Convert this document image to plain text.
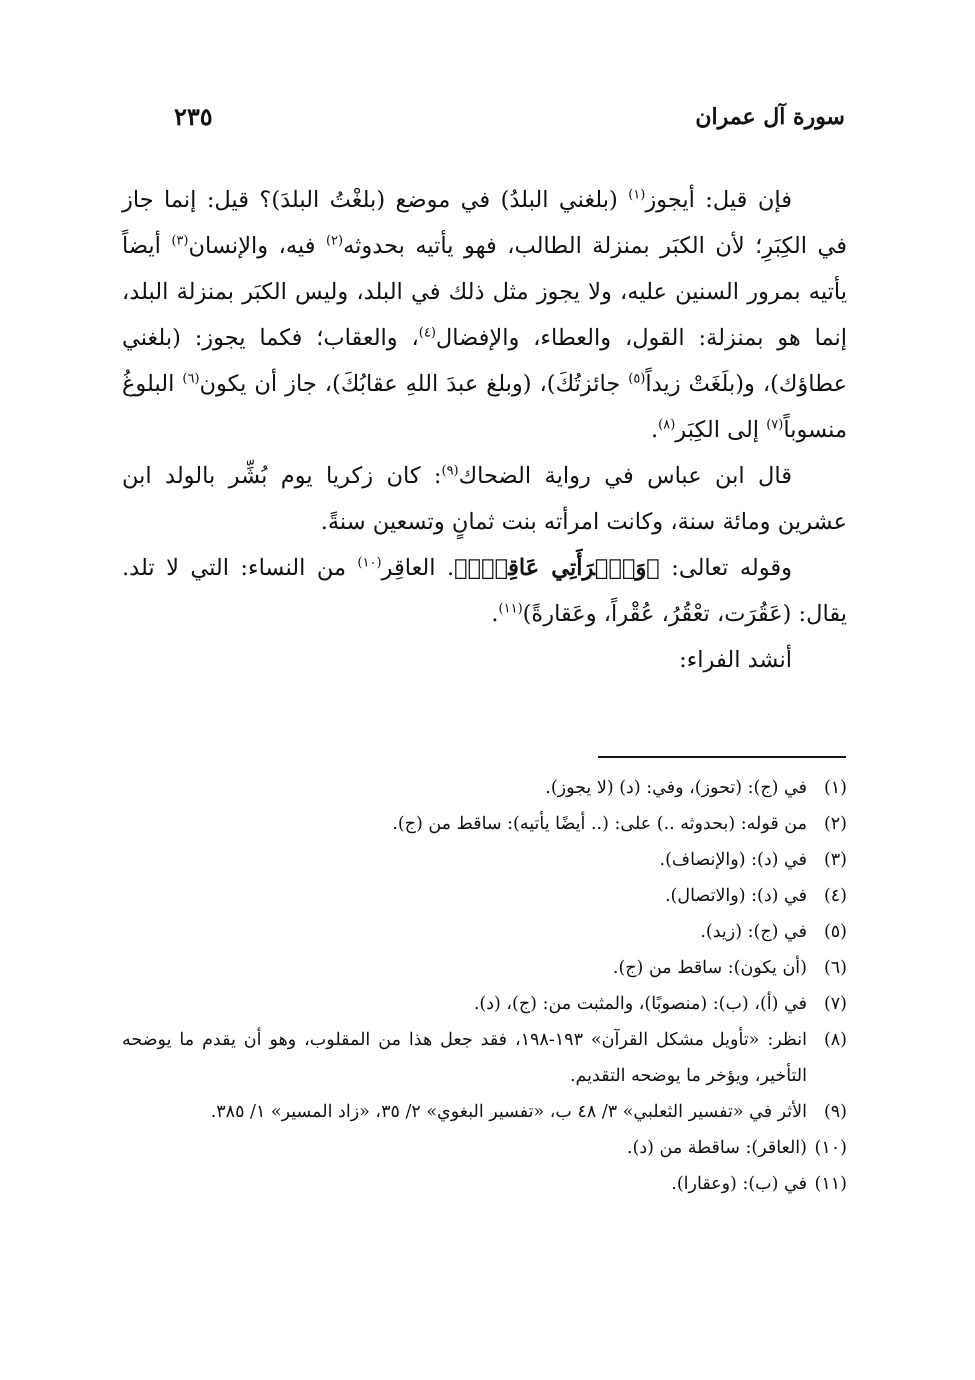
سورة آل عمران
٢٣٥

فإن قيل: أيجوز$^{(١)}$ (بلغني البلدُ) في موضع (بلغْتُ البلدَ)؟ قيل: إنما جاز في الكِبَرِ؛ لأن الكبَر بمنزلة الطالب، فهو يأتيه بحدوثه$^{(٢)}$ فيه، والإنسان$^{(٣)}$ أيضاً يأتيه بمرور السنين عليه، ولا يجوز مثل ذلك في البلد، وليس الكبَر بمنزلة البلد، إنما هو بمنزلة: القول، والعطاء، والإفضال$^{(٤)}$، والعقاب؛ فكما يجوز: (بلغني عطاؤك)، و(بلَغَتْ زيداً$^{(٥)}$ جائزتُكَ)، (وبلغ عبدَ اللهِ عقابُكَ)، جاز أن يكون$^{(٦)}$ البلوغُ منسوباً$^{(٧)}$ إلى الكِبَر$^{(٨)}$.

قال ابن عباس في رواية الضحاك$^{(٩)}$: كان زكريا يوم بُشِّر بالولد ابن عشرين ومائة سنة، وكانت امرأته بنت ثمانٍ وتسعين سنةً.

وقوله تعالى: ﴿وَٱمۡرَأَتِي عَاقِرٞۖ﴾. العاقِر$^{(١٠)}$ من النساء: التي لا تلد. يقال: (عَقُرَت، تعْقُرُ، عُقْراً، وعَقارةً)$^{(١١)}$.

أنشد الفراء:

(١)
في (ج): (تحوز)، وفي: (د) (لا يجوز).
(٢)
من قوله: (بحدوثه ..) على: (.. أيضًا يأتيه): ساقط من (ج).
(٣)
في (د): (والإنصاف).
(٤)
في (د): (والاتصال).
(٥)
في (ج): (زيد).
(٦)
(أن يكون): ساقط من (ج).
(٧)
في (أ)، (ب): (منصوبًا)، والمثبت من: (ج)، (د).
(٨)
انظر: «تأويل مشكل القرآن» ١٩٣-١٩٨، فقد جعل هذا من المقلوب، وهو أن يقدم ما يوضحه التأخير، ويؤخر ما يوضحه التقديم.
(٩)
الأثر في «تفسير الثعلبي» ٣/ ٤٨ ب، «تفسير البغوي» ٢/ ٣٥، «زاد المسير» ١/ ٣٨٥.
(١٠)
(العاقر): ساقطة من (د).
(١١)
في (ب): (وعقارا).
